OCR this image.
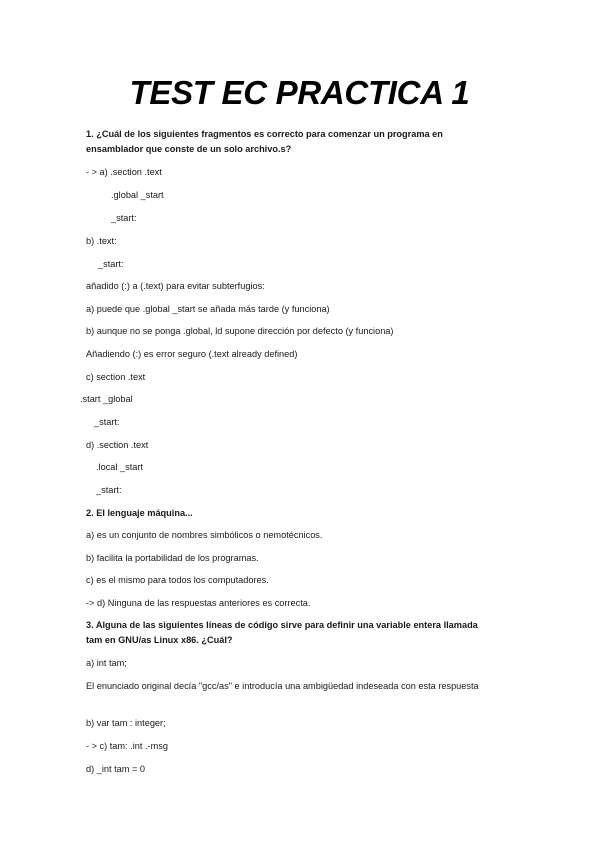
TEST EC PRACTICA 1
1. ¿Cuál de los siguientes fragmentos es correcto para comenzar un programa en ensamblador que conste de un solo archivo.s?
- > a) .section .text
.global _start
_start:
b) .text:
_start:
añadido (:) a (.text) para evitar subterfugios:
a) puede que .global _start se añada más tarde (y funciona)
b) aunque no se ponga .global, ld supone dirección por defecto (y funciona)
Añadiendo (:) es error seguro (.text already defined)
c) section .text
.start _global
_start:
d) .section .text
.local _start
_start:
2. El lenguaje máquina...
a) es un conjunto de nombres simbólicos o nemotécnicos.
b) facilita la portabilidad de los programas.
c) es el mismo para todos los computadores.
-> d) Ninguna de las respuestas anteriores es correcta.
3. Alguna de las siguientes líneas de código sirve para definir una variable entera llamada tam en GNU/as Linux x86. ¿Cuál?
a) int tam;
El enunciado original decía "gcc/as" e introducía una ambigüedad indeseada con esta respuesta
b) var tam : integer;
- > c) tam: .int .-msg
d) _int tam = 0
